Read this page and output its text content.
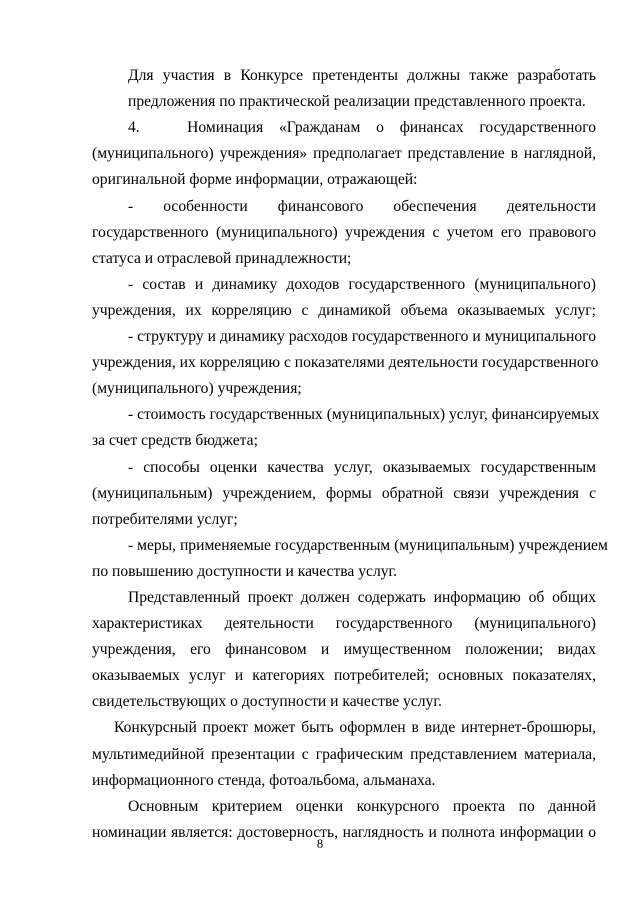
Для участия в Конкурсе претенденты должны также разработать
предложения по практической реализации представленного проекта.
4.   Номинация «Гражданам о финансах государственного
(муниципального) учреждения» предполагает представление в наглядной,
оригинальной форме информации, отражающей:
- особенности финансового обеспечения деятельности
государственного (муниципального) учреждения с учетом его правового
статуса и отраслевой принадлежности;
- состав и динамику доходов государственного (муниципального)
учреждения, их корреляцию с динамикой объема оказываемых услуг;
- структуру и динамику расходов государственного и муниципального
учреждения, их корреляцию с показателями деятельности государственного
(муниципального) учреждения;
- стоимость государственных (муниципальных) услуг, финансируемых
за счет средств бюджета;
- способы оценки качества услуг, оказываемых государственным
(муниципальным) учреждением, формы обратной связи учреждения с
потребителями услуг;
- меры, применяемые государственным (муниципальным) учреждением
по повышению доступности и качества услуг.
Представленный проект должен содержать информацию об общих
характеристиках деятельности государственного (муниципального)
учреждения, его финансовом и имущественном положении; видах
оказываемых услуг и категориях потребителей; основных показателях,
свидетельствующих о доступности и качестве услуг.
Конкурсный проект может быть оформлен в виде интернет-брошюры,
мультимедийной презентации с графическим представлением материала,
информационного стенда, фотоальбома, альманаха.
Основным критерием оценки конкурсного проекта по данной
номинации является: достоверность, наглядность и полнота информации о
8
